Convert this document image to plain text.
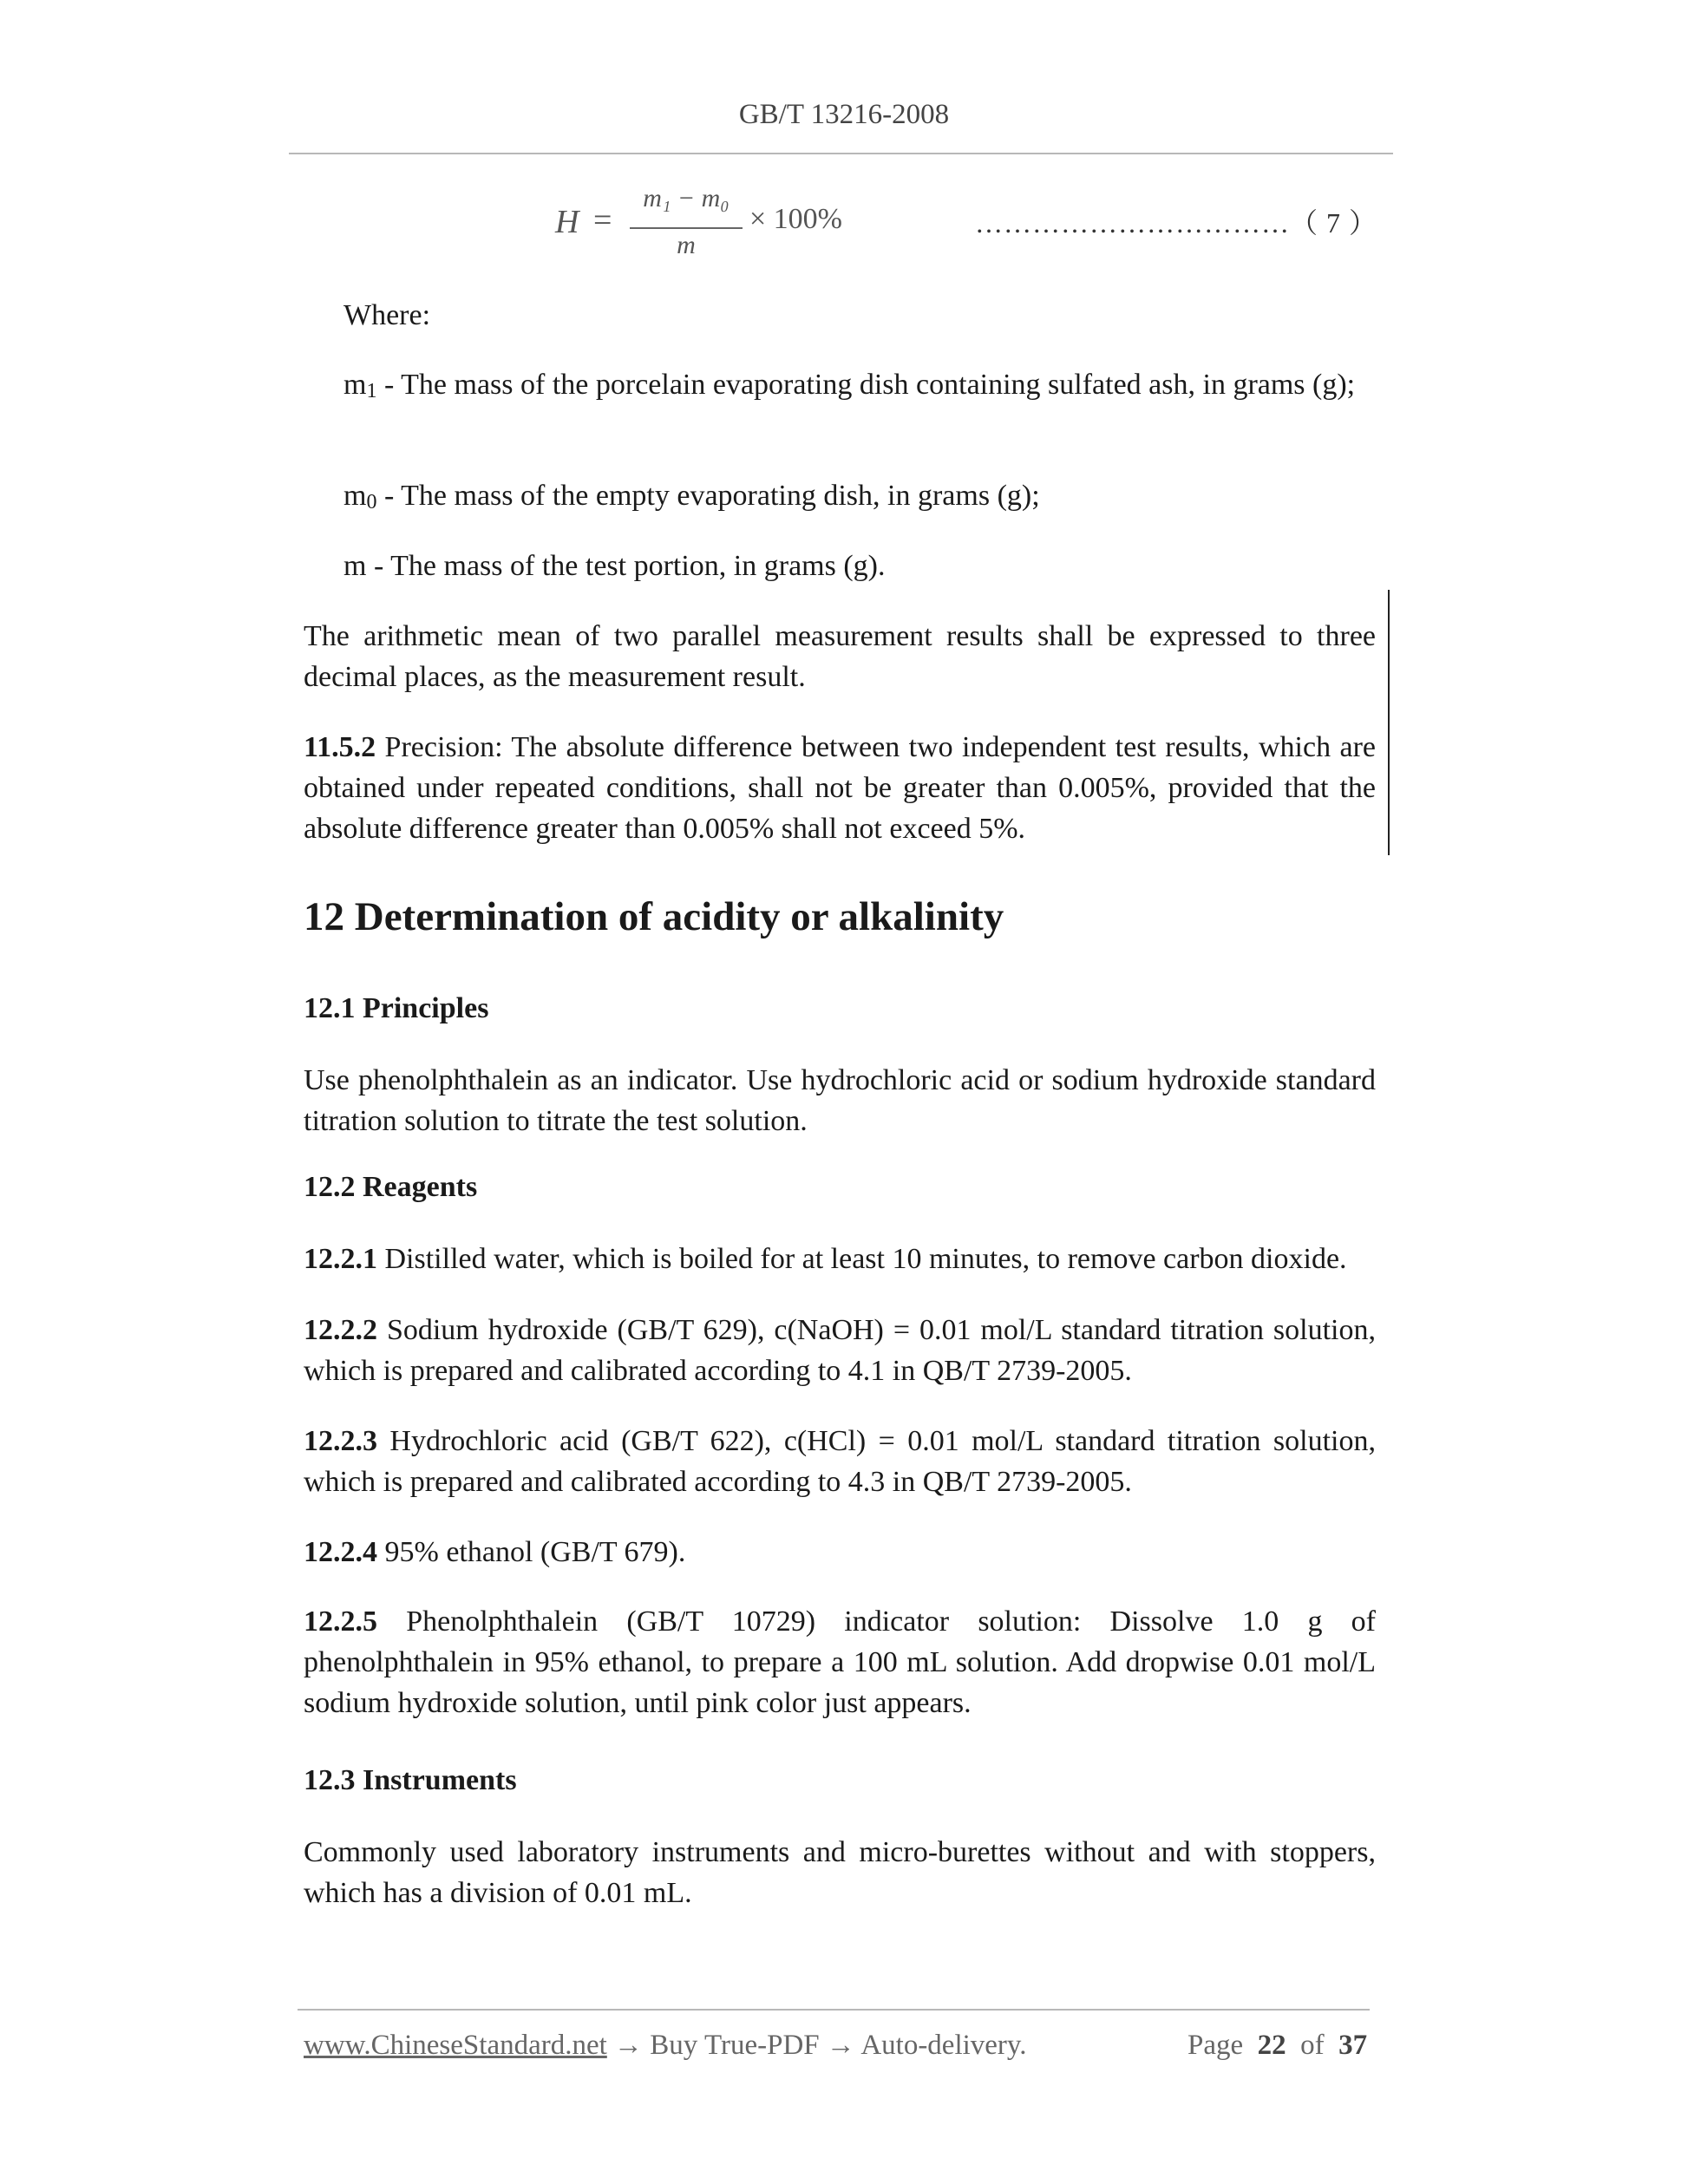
GB/T 13216-2008
H =
m₁ − m₀
m
× 100%	……………………………（ 7 ）
Where:
m1 - The mass of the porcelain evaporating dish containing sulfated ash, in grams (g);
m0 - The mass of the empty evaporating dish, in grams (g);
m - The mass of the test portion, in grams (g).
The arithmetic mean of two parallel measurement results shall be expressed to three decimal places, as the measurement result.
11.5.2 Precision: The absolute difference between two independent test results, which are obtained under repeated conditions, shall not be greater than 0.005%, provided that the absolute difference greater than 0.005% shall not exceed 5%.
12 Determination of acidity or alkalinity
12.1 Principles
Use phenolphthalein as an indicator. Use hydrochloric acid or sodium hydroxide standard titration solution to titrate the test solution.
12.2 Reagents
12.2.1 Distilled water, which is boiled for at least 10 minutes, to remove carbon dioxide.
12.2.2 Sodium hydroxide (GB/T 629), c(NaOH) = 0.01 mol/L standard titration solution, which is prepared and calibrated according to 4.1 in QB/T 2739-2005.
12.2.3 Hydrochloric acid (GB/T 622), c(HCl) = 0.01 mol/L standard titration solution, which is prepared and calibrated according to 4.3 in QB/T 2739-2005.
12.2.4 95% ethanol (GB/T 679).
12.2.5 Phenolphthalein (GB/T 10729) indicator solution: Dissolve 1.0 g of phenolphthalein in 95% ethanol, to prepare a 100 mL solution. Add dropwise 0.01 mol/L sodium hydroxide solution, until pink color just appears.
12.3 Instruments
Commonly used laboratory instruments and micro-burettes without and with stoppers, which has a division of 0.01 mL.
www.ChineseStandard.net → Buy True-PDF → Auto-delivery.	Page 22 of 37
